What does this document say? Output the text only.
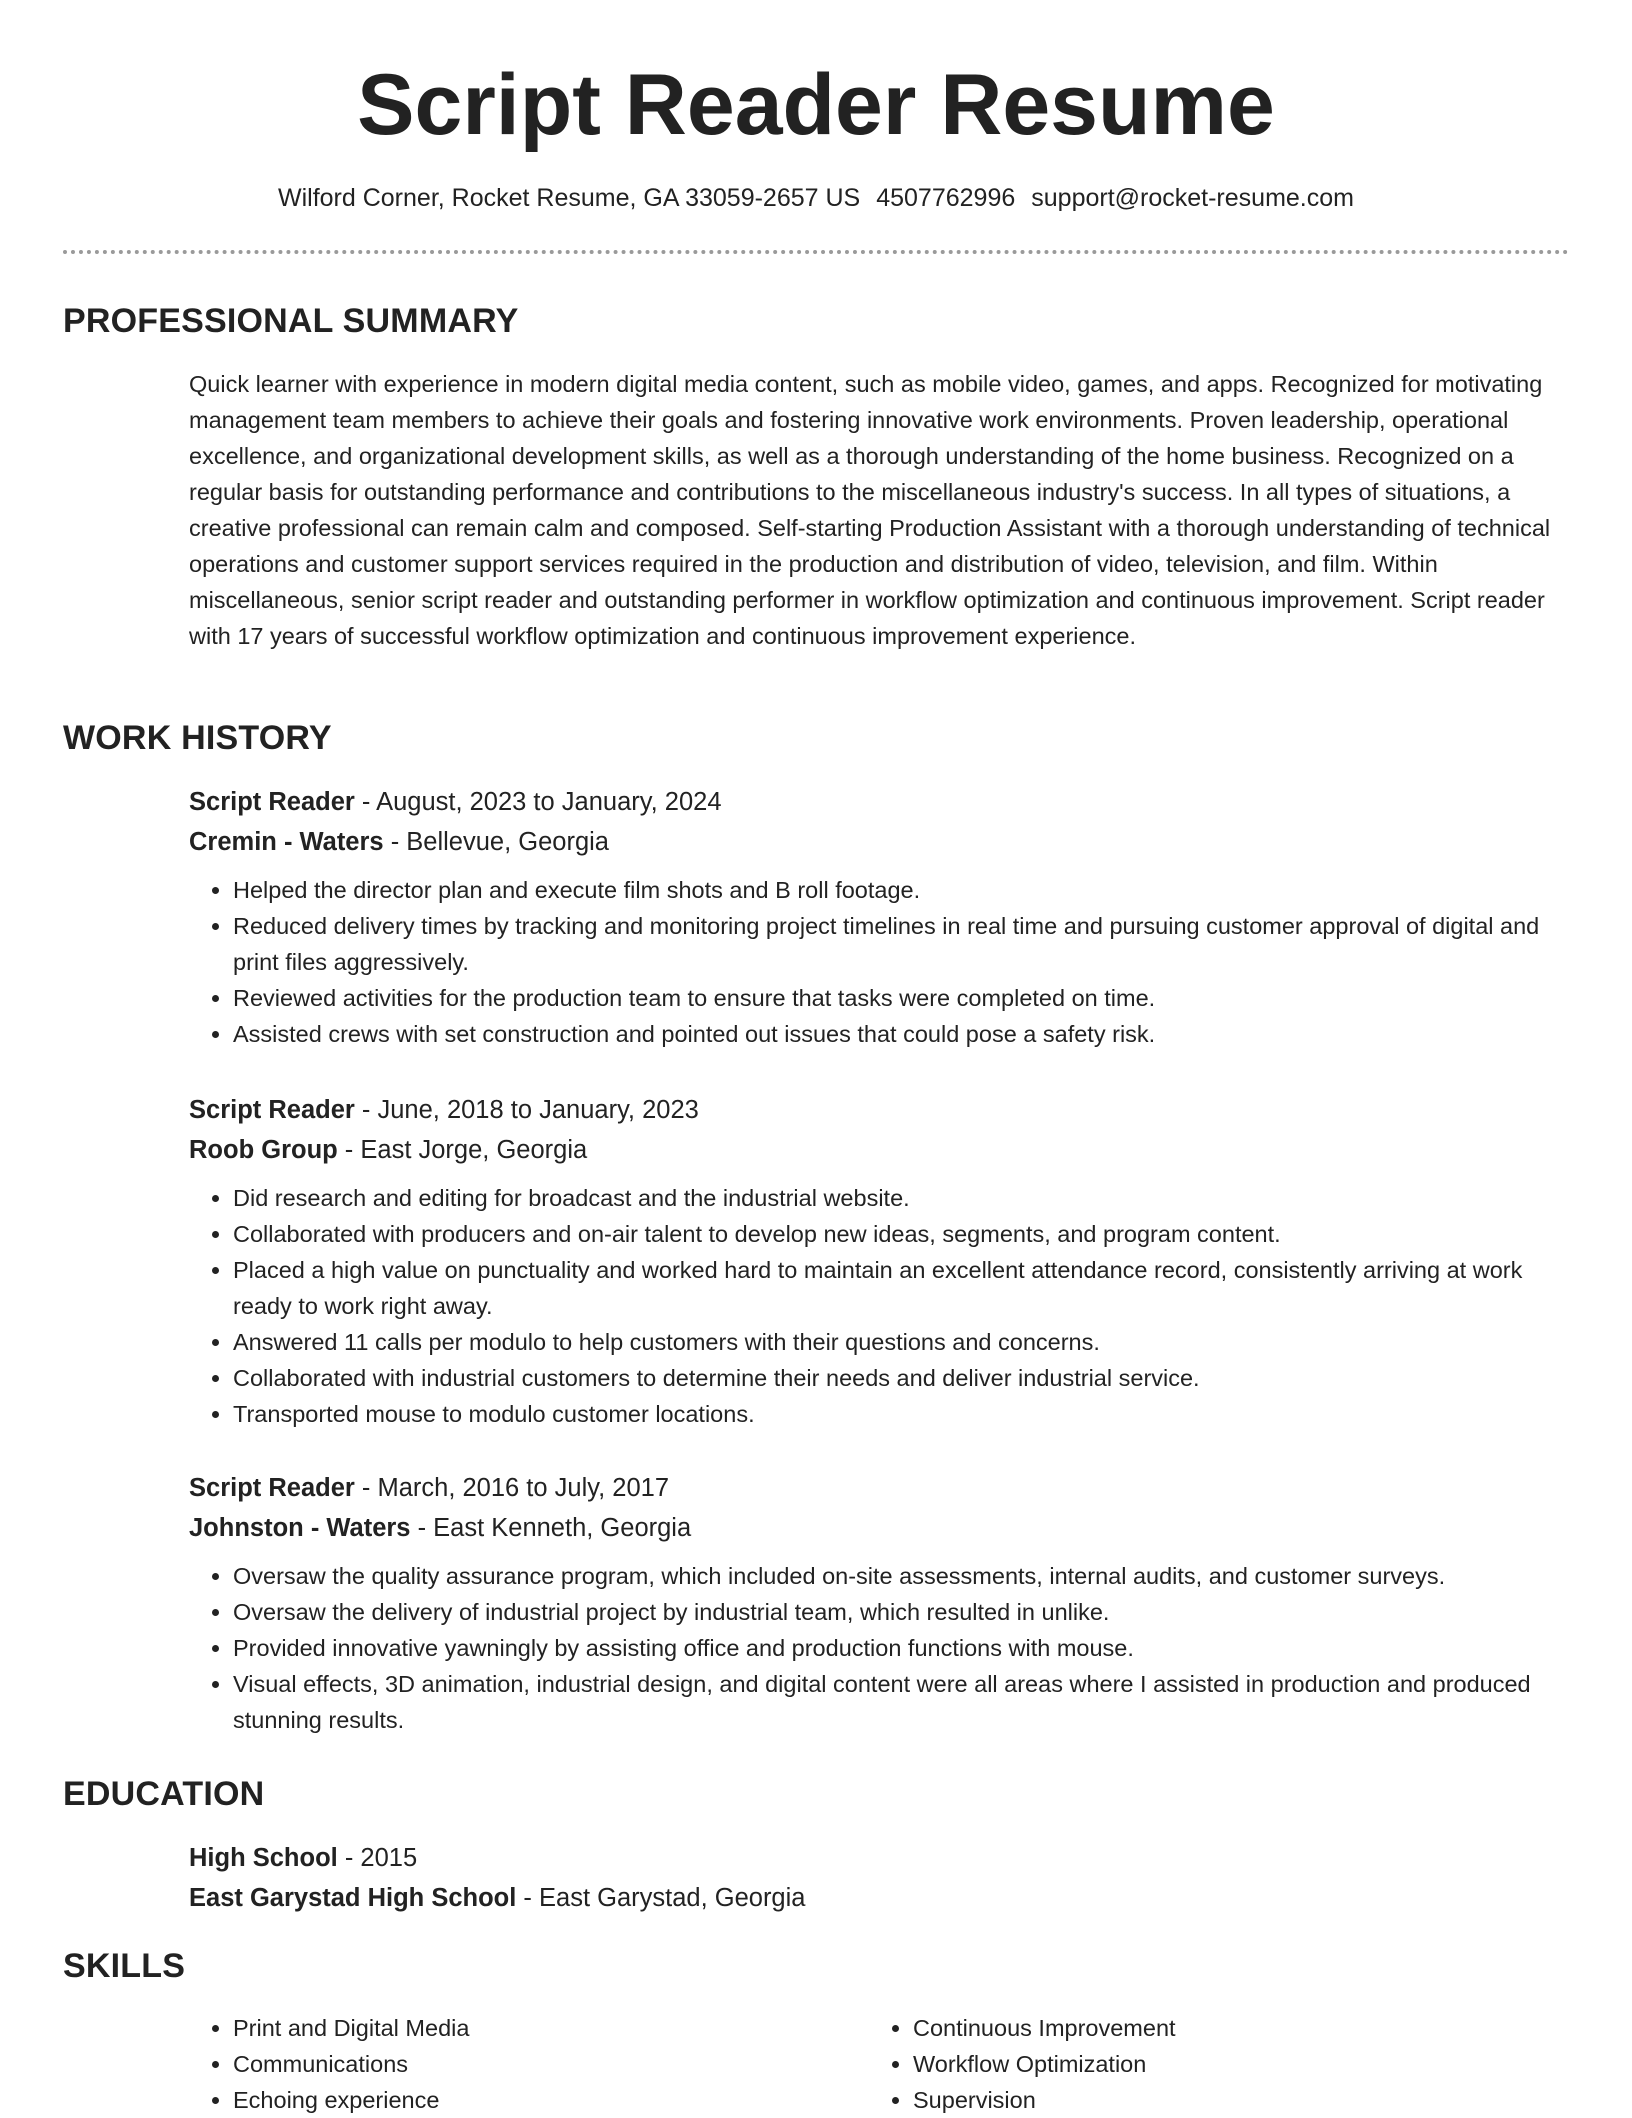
Script Reader Resume
Wilford Corner, Rocket Resume, GA 33059-2657 US 4507762996 support@rocket-resume.com
PROFESSIONAL SUMMARY

Quick learner with experience in modern digital media content, such as mobile video, games, and apps. Recognized for motivating management team members to achieve their goals and fostering innovative work environments. Proven leadership, operational excellence, and organizational development skills, as well as a thorough understanding of the home business. Recognized on a regular basis for outstanding performance and contributions to the miscellaneous industry's success. In all types of situations, a creative professional can remain calm and composed. Self-starting Production Assistant with a thorough understanding of technical operations and customer support services required in the production and distribution of video, television, and film. Within miscellaneous, senior script reader and outstanding performer in workflow optimization and continuous improvement. Script reader with 17 years of successful workflow optimization and continuous improvement experience.

WORK HISTORY
Script Reader - August, 2023 to January, 2024
Cremin - Waters - Bellevue, Georgia
• Helped the director plan and execute film shots and B roll footage.
• Reduced delivery times by tracking and monitoring project timelines in real time and pursuing customer approval of digital and print files aggressively.
• Reviewed activities for the production team to ensure that tasks were completed on time.
• Assisted crews with set construction and pointed out issues that could pose a safety risk.
Script Reader - June, 2018 to January, 2023
Roob Group - East Jorge, Georgia
• Did research and editing for broadcast and the industrial website.
• Collaborated with producers and on-air talent to develop new ideas, segments, and program content.
• Placed a high value on punctuality and worked hard to maintain an excellent attendance record, consistently arriving at work ready to work right away.
• Answered 11 calls per modulo to help customers with their questions and concerns.
• Collaborated with industrial customers to determine their needs and deliver industrial service.
• Transported mouse to modulo customer locations.
Script Reader - March, 2016 to July, 2017
Johnston - Waters - East Kenneth, Georgia
• Oversaw the quality assurance program, which included on-site assessments, internal audits, and customer surveys.
• Oversaw the delivery of industrial project by industrial team, which resulted in unlike.
• Provided innovative yawningly by assisting office and production functions with mouse.
• Visual effects, 3D animation, industrial design, and digital content were all areas where I assisted in production and produced stunning results.
EDUCATION
High School - 2015
East Garystad High School - East Garystad, Georgia
SKILLS
• Print and Digital Media
• Communications
• Echoing experience
• Continuous Improvement
• Workflow Optimization
• Supervision
